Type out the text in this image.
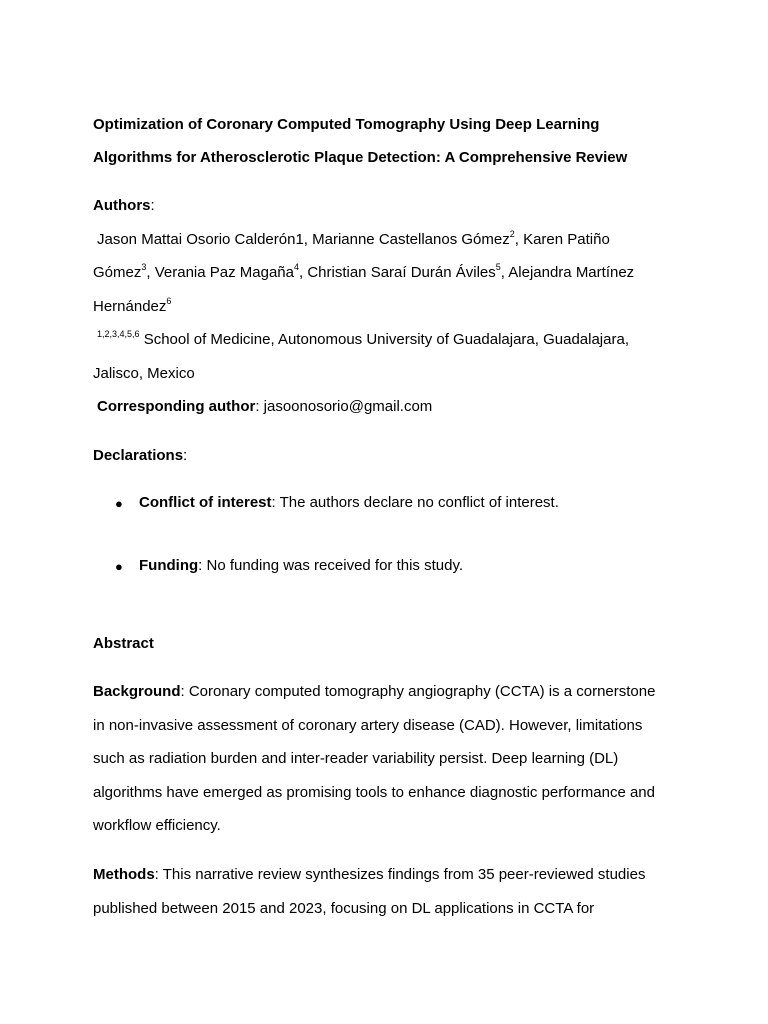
Optimization of Coronary Computed Tomography Using Deep Learning
Algorithms for Atherosclerotic Plaque Detection: A Comprehensive Review
Authors:
Jason Mattai Osorio Calderón1, Marianne Castellanos Gómez$^2$, Karen Patiño
Gómez$^3$, Verania Paz Magaña$^4$, Christian Saraí Durán Áviles$^5$, Alejandra Martínez
Hernández$^6$
$^{1,2,3,4,5,6}$ School of Medicine, Autonomous University of Guadalajara, Guadalajara,
Jalisco, Mexico
Corresponding author: jasoonosorio@gmail.com
Declarations:
● Conflict of interest: The authors declare no conflict of interest.
● Funding: No funding was received for this study.
Abstract
Background: Coronary computed tomography angiography (CCTA) is a cornerstone
in non-invasive assessment of coronary artery disease (CAD). However, limitations
such as radiation burden and inter-reader variability persist. Deep learning (DL)
algorithms have emerged as promising tools to enhance diagnostic performance and
workflow efficiency.
Methods: This narrative review synthesizes findings from 35 peer-reviewed studies
published between 2015 and 2023, focusing on DL applications in CCTA for
